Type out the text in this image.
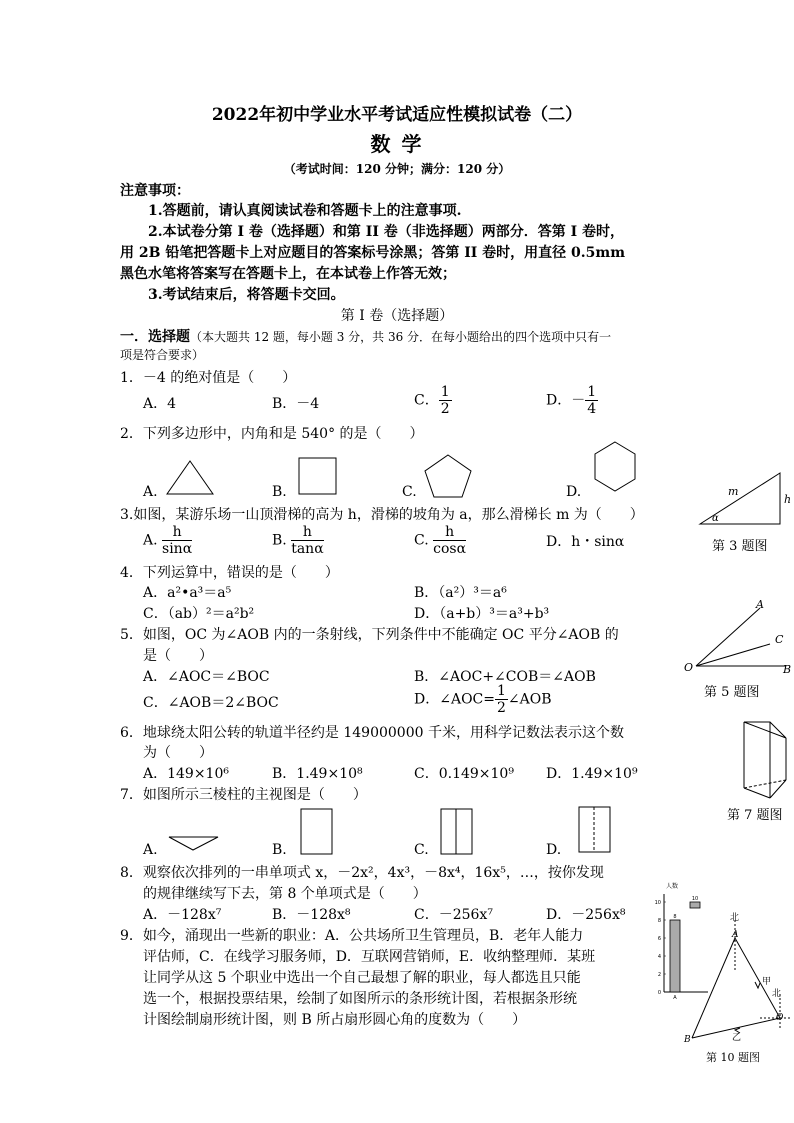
2022年初中学业水平考试适应性模拟试卷（二）
数 学
（考试时间：120 分钟；满分：120 分）
注意事项：
1.答题前，请认真阅读试卷和答题卡上的注意事项.
2.本试卷分第 I 卷（选择题）和第 II 卷（非选择题）两部分．答第 I 卷时，
用 2B 铅笔把答题卡上对应题目的答案标号涂黑；答第 II 卷时，用直径 0.5mm
黑色水笔将答案写在答题卡上，在本试卷上作答无效；
3.考试结束后，将答题卡交回。
第 I 卷（选择题）
一．选择题（本大题共 12 题，每小题 3 分，共 36 分．在每小题给出的四个选项中只有一
项是符合要求）
1．－4 的绝对值是（　　）
A．4	B．－4	C． $\frac{1}{2}$	D．－ $\frac{1}{4}$
2．下列多边形中，内角和是 540° 的是（　　）
A.	B.	C.	D.
3.如图，某游乐场一山顶滑梯的高为 h，滑梯的坡角为 a，那么滑梯长 m 为（　　）
A. $\frac{h}{\sin\alpha}$	B. $\frac{h}{\tan\alpha}$	C. $\frac{h}{\cos\alpha}$	D．h・sinα
m
h
α
第 3 题图
4．下列运算中，错误的是（　　）
A．a²•a³＝a⁵	B．（a²）³＝a⁶
C．（ab）²＝a²b²	D．（a+b）³＝a³+b³
5．如图，OC 为∠AOB 内的一条射线，下列条件中不能确定 OC 平分∠AOB 的
是（　　）
A．∠AOC＝∠BOC	B．∠AOC+∠COB＝∠AOB
C．∠AOB＝2∠BOC	D．∠AOC= $\frac{1}{2}$ ∠AOB
A
C
O	B
第 5 题图
6．地球绕太阳公转的轨道半径约是 149000000 千米，用科学记数法表示这个数
为（　　）
A．149×10⁶	B．1.49×10⁸	C．0.149×10⁹ D．1.49×10⁹
第 7 题图
7．如图所示三棱柱的主视图是（　　）
A.	B.	C.	D.
8．观察依次排列的一串单项式 x，－2x²，4x³，－8x⁴，16x⁵，…，按你发现
的规律继续写下去，第 8 个单项式是（　　）
A．－128x⁷	B．－128x⁸	C．－256x⁷	D．－256x⁸
9．如今，涌现出一些新的职业：A．公共场所卫生管理员，B．老年人能力
评估师，C．在线学习服务师，D．互联网营销师，E．收纳整理师．某班
让同学从这 5 个职业中选出一个自己最想了解的职业，每人都选且只能
选一个，根据投票结果，绘制了如图所示的条形统计图，若根据条形统
计图绘制扇形统计图，则 B 所占扇形圆心角的度数为（　　）
人数
0
2
4
6
8
10
8
A
10
北
北
甲
乙
B
O
A
第 10 题图
